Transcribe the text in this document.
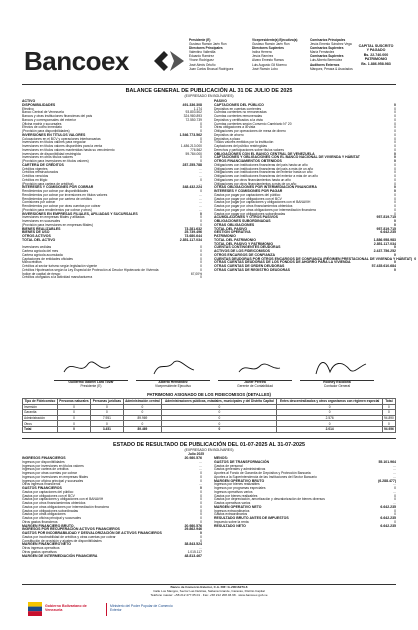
Bancoex
Presidente (E)
Gustavo Ramón Jaén Ron
Directores Principales
Valentino Vallenilla
Eduardo Ramírez
Yhonn Rodríguez
José Alexis Ortuño
Juan Carlos Bruzual Rodríguez
Vicepresidente(a) Ejecutivo(a)
Gustavo Ramón Jaén Ron
Directores Suplentes
Indira Herrera
Jesús Ramírez
Alvaro Ernesto Ramos
Luis Augusto Gil Moreno
José Ramón Lobo
Comisarios Principales
Jesús Ernesto Sánchez Vega
Comisarios Suplentes
María Fernández
Comisarios Suplentes
Luis Alberto Bermúdez
Auditores Externos
Márquez, Peraza & Asociados
CAPITAL SUSCRITO
Y PAGADO
Bs. 22.740.000
PATRIMONIO
Bs. 1.886.958.983
BALANCE GENERAL DE PUBLICACIÓN AL 31 DE JULIO DE 2025
(EXPRESADO EN BOLÍVARES)
ACTIVO
DISPONIBILIDADES	491.336.308
Efectivo	1.174
Banco Central de Venezuela	93.803.502
Bancos y otras instituciones financieras del país	324.980.893
Bancos y corresponsales del exterior	72.550.739
Oficina matriz y sucursales	0
Efectos de cobro inmediato	0
(Provisión para disponibilidades)	0
INVERSIONES EN TÍTULOS VALORES	1.546.773.562
Colocaciones en el BCV y operaciones interbancarias	0
Inversiones en títulos valores para negociar	0
Inversiones en títulos valores disponibles para la venta	1.486.213.000
Inversiones en títulos valores mantenidas hasta su vencimiento	776.562
Inversiones de disponibilidad restringida	59.784.000
Inversiones en otros títulos valores	0
(Provisión para inversiones en títulos valores)	0
CARTERA DE CRÉDITOS	287.255.788
Créditos vigentes	…
Créditos reestructurados	…
Créditos vencidos	…
Créditos en litigio	0
(Provisión para cartera de créditos)	…
INTERESES Y COMISIONES POR COBRAR	348.432.224
Rendimientos por cobrar por disponibilidades	0
Rendimientos por cobrar por inversiones en títulos valores	…
Rendimientos por cobrar por cartera de créditos	…
Comisiones por cobrar	…
Rendimientos por cobrar por otras cuentas por cobrar	…
(Provisión para rendimientos por cobrar y otros)	…
INVERSIONES EN EMPRESAS FILIALES, AFILIADAS Y SUCURSALES	0
Inversiones en empresas filiales y afiliadas	0
Inversiones en sucursales	0
(Provisión para inversiones en empresas filiales)	0
BIENES REALIZABLES	73.281.632
BIENES DE USO	25.739.496
OTROS ACTIVOS	73.680.644
TOTAL DEL ACTIVO	2.851.117.034

Inversiones cedidas	0
Cartera agrícola del mes	0
Cartera agrícola acumulada	0
Captaciones de entidades oficiales	0
Microcréditos	0
Créditos al sector turismo según legislación vigente	0
Créditos Hipotecarios según la Ley Especial de Protección al Deudor Hipotecario de Vivienda	0
Índice de capital de riesgo	67,00%
Créditos otorgados a la actividad manufacturera	0
PASIVO
CAPTACIONES DEL PÚBLICO	0
Depósitos en cuentas corrientes	0
Cuentas corrientes no remuneradas	0
Cuentas corrientes remuneradas	0
Depósitos y certificados a la vista	0
Cuentas corrientes según Convenio Cambiario N° 20	0
Otras obligaciones a la vista	0
Obligaciones por operaciones de mesa de dinero	0
Depósitos de ahorro	0
Depósitos a plazo	0
Títulos valores emitidos por la institución	0
Captaciones del público restringidas	0
Derechos y participaciones sobre títulos valores	0
OBLIGACIONES CON EL BANCO CENTRAL DE VENEZUELA	0
CAPTACIONES Y OBLIGACIONES CON EL BANCO NACIONAL DE VIVIENDA Y HÁBITAT	0
OTROS FINANCIAMIENTOS OBTENIDOS	0
Obligaciones con instituciones financieras del país hasta un año	0
Obligaciones con instituciones financieras del país a más de un año	0
Obligaciones con instituciones financieras del exterior hasta un año	0
Obligaciones con instituciones financieras del exterior a más de un año	0
Obligaciones por otros financiamientos hasta un año	0
Obligaciones por otros financiamientos a más de un año	0
OTRAS OBLIGACIONES POR INTERMEDIACIÓN FINANCIERA	0
INTERESES Y COMISIONES POR PAGAR	0
Gastos por pagar por captaciones del público	0
Gastos por pagar por obligaciones con el BCV	0
Gastos por pagar por captaciones y obligaciones con el BANAVIH	0
Gastos por pagar por otros financiamientos obtenidos	0
Gastos por pagar por otras obligaciones por intermediación financiera	0
Gastos por pagar por obligaciones subordinadas	0
ACUMULACIONES Y OTROS PASIVOS	957.819.715
OBLIGACIONES SUBORDINADAS	0
OTRAS OBLIGACIONES	0
TOTAL DEL PASIVO	957.819.715
GESTIÓN OPERATIVA	6.642.235
PATRIMONIO
TOTAL DEL PATRIMONIO	1.886.958.983
TOTAL DEL PASIVO Y PATRIMONIO	2.851.117.034
CUENTAS CONTINGENTES DEUDORAS	0
ACTIVOS DE LOS FIDEICOMISOS	2.437.756.252
OTROS ENCARGOS DE CONFIANZA	0
CUENTAS DEUDORAS POR OTROS ENCARGOS DE CONFIANZA (RÉGIMEN PRESTACIONAL DE VIVIENDA Y HÁBITAT) 0
OTRAS CUENTAS DEUDORAS DE LOS FONDOS DE AHORRO PARA LA VIVIENDA	0
OTRAS CUENTAS DE ORDEN DEUDORAS	57.435.610.684
OTRAS CUENTAS DE REGISTRO DEUDORAS	0
Guillermo Gabriel Lara Tovar
Presidente (E)
Alberto Hernández
Vicepresidente Ejecutivo
Javier Pereira
Gerente de Contabilidad
Rodney Escalona
Contador General
PATRIMONIO ASIGNADO DE LOS FIDEICOMISOS (DETALLES)
Tipo de Fideicomiso	Personas naturales	Personas jurídicas	Administración central	Administraciones públicas, estadales, municipales y del Distrito Capital	Entes descentralizados y otros organismos con régimen especial	Total
Inversión	0	0	0	0	0	0
Garantía	0	0	0	0	0	0
Administración	0	7.951	89.969	0	2.576	94.890
Otros	0	0	0	0	0	0
Total	0	3.451	89.469	0	2.014	94.956
ESTADO DE RESULTADO DE PUBLICACIÓN DEL 01-07-2025 AL 31-07-2025
(EXPRESADO EN BOLÍVARES)
Julio 2025
INGRESOS FINANCIEROS	20.980.576
Ingresos por disponibilidades	…
Ingresos por inversiones en títulos valores	…
Ingresos por cartera de créditos	…
Ingresos por otras cuentas por cobrar	0
Ingresos por inversiones en empresas filiales	0
Ingresos por oficina principal y sucursales	0
Otros ingresos financieros	…
GASTOS FINANCIEROS	0
Gastos por captaciones del público	0
Gastos por obligaciones con el BCV	0
Gastos por captaciones y obligaciones con el BANAVIH	0
Gastos por otros financiamientos obtenidos	0
Gastos por otras obligaciones por intermediación financiera	0
Gastos por obligaciones subordinadas	0
Gastos por otras obligaciones	0
Gastos por oficina principal y sucursales	0
Otros gastos financieros	0
MARGEN FINANCIERO BRUTO	20.980.576
INGRESOS POR RECUPERACIÓN ACTIVOS FINANCIEROS	29.862.946
GASTOS POR INCOBRABILIDAD Y DESVALORIZACIÓN DE ACTIVOS FINANCIEROS	0
Gastos por incobrabilidad de créditos y otras cuentas por cobrar	0
Constitución de provisión y ajustes de disponibilidades	0
MARGEN FINANCIERO NETO	38.843.524
Otros ingresos operativos	…
Otros gastos operativos	1.015.117
MARGEN DE INTERMEDIACIÓN FINANCIERA	48.813.467
MENOS:
GASTOS DE TRANSFORMACIÓN	55.101.964
Gastos de personal	…
Gastos generales y administrativos	…
Aportes al Fondo de Garantía de Depósitos y Protección Bancaria	…
Aportes a la Superintendencia de las Instituciones del Sector Bancario	…
MARGEN OPERATIVO BRUTO	(6.288.477)
Ingresos por bienes realizables	…
Ingresos por programas especiales	0
Ingresos operativos varios	…
Gastos por bienes realizables	0
Gastos por depreciación, amortización y desvalorización de bienes diversos	0
Gastos operativos varios	…
MARGEN OPERATIVO NETO	6.642.235
Ingresos extraordinarios	0
Gastos extraordinarios	0
RESULTADO BRUTO ANTES DE IMPUESTOS	6.642.235
Impuesto sobre la renta	0
RESULTADO NETO	6.642.235
Banco de Comercio Exterior, C.A. RIF: G-20016273-6
Calle Los Mangos, Sector Las Delicias, Sabana Grande, Caracas, Distrito Capital
Teléfono master: +58 212 477.05.01 · Fax: +58 212 208.03.98 · www.bancoex.gob.ve
Gobierno Bolivariano de Venezuela
Ministerio del Poder Popular de Comercio Exterior
